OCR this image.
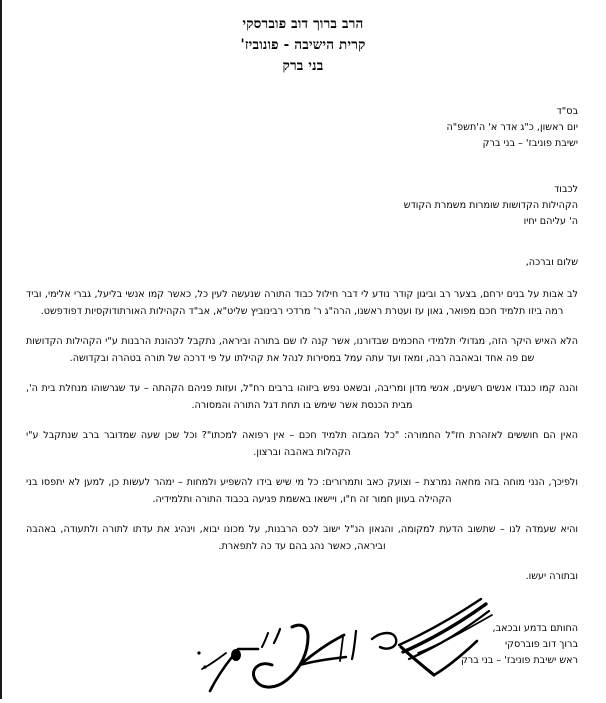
הרב ברוך דוב פוברסקי
קרית הישיבה - פונוביז'
בני ברק
בס"ד
יום ראשון, כ"ג אדר א' ה'תשפ"ה
ישיבת פוניבז' – בני ברק
לכבוד
הקהילות הקדושות שומרות משמרת הקודש
ה' עליהם יחיו
שלום וברכה,

לב אבות על בנים ירחם, בצער רב וביגון קודר נודע לי דבר חילול כבוד התורה שנעשה לעין כל, כאשר קמו אנשי בליעל, גברי אלימי, וביד רמה ביזו תלמיד חכם מפואר, גאון עז ועטרת ראשנו, הרה"ג ר' מרדכי רבינוביץ שליט"א, אב"ד הקהילות האורתודוקסיות דפודפשט.

הלא האיש היקר הזה, מגדולי תלמידי החכמים שבדורנו, אשר קנה לו שם בתורה וביראה, נתקבל לכהונת הרבנות ע"י הקהילות הקדושות שם פה אחד ובאהבה רבה, ומאז ועד עתה עמל במסירות לנהל את קהילתו על פי דרכה של תורה בטהרה ובקדושה.

והנה קמו כנגדו אנשים רשעים, אנשי מדון ומריבה, ובשאט נפש ביזוהו ברבים רח"ל, ועזות פניהם הקהתה – עד שגרשוהו מנחלת בית ה', מבית הכנסת אשר שימש בו תחת דגל התורה והמסורה.

האין הם חוששים לאזהרת חז"ל החמורה: "כל המבזה תלמיד חכם – אין רפואה למכתו"? וכל שכן שעה שמדובר ברב שנתקבל ע"י הקהלות באהבה וברצון.

ולפיכך, הנני מוחה בזה מחאה נמרצת – וצועק כאב ותמרורים: כל מי שיש בידו להשפיע ולמחות – ימהר לעשות כן, למען לא יתפסו בני הקהילה בעוון חמור זה ח"ו, ויישאו באשמת פגיעה בכבוד התורה ותלמידיה.

והיא שעמדה לנו – שתשוב הדעת למקומה, והגאון הנ"ל ישוב לכס הרבנות, על מכונו יבוא, וינהיג את עדתו לתורה ולתעודה, באהבה וביראה, כאשר נהג בהם עד כה לתפארת.

ובתורה יעשו.
החותם בדמע ובכאב,
ברוך דוב פוברסקי
ראש ישיבת פוניבז' – בני ברק
